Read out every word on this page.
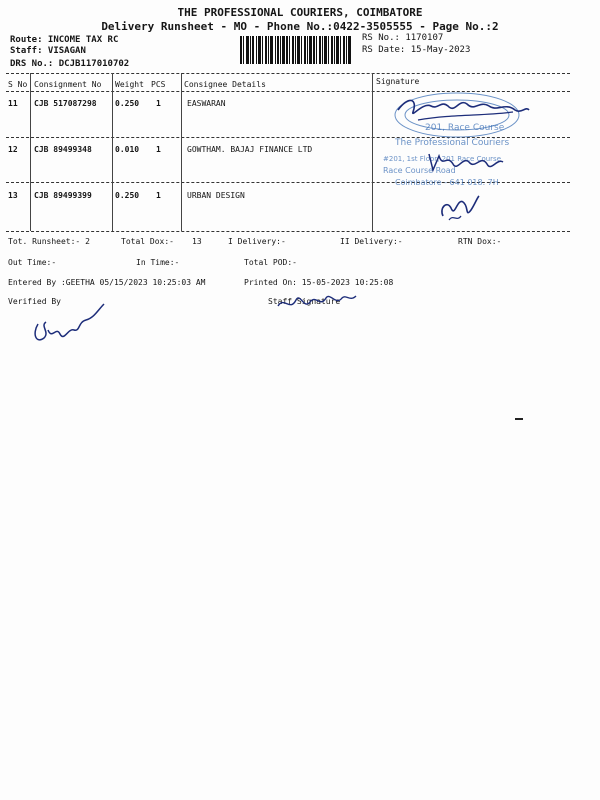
THE PROFESSIONAL COURIERS, COIMBATORE
Delivery Runsheet - MO - Phone No.:0422-3505555 - Page No.:2
Route: INCOME TAX RC
Staff: VISAGAN
DRS No.: DCJB117010702
RS No.: 1170107
RS Date: 15-May-2023
S No Consignment No Weight PCS Consignee Details	Signature
11 CJB 517087298 0.250 1	EASWARAN
12 CJB 89499348	0.010 1	GOWTHAM. BAJAJ FINANCE LTD
13 CJB 89499399	0.250 1	URBAN DESIGN
201, Race Course
The Professional Couriers
#201, 1st Floor, 201 Race Course
Race Course Road
Coimbatore - 641 018. 7H
Tot. Runsheet:- 2	Total Dox:- 13	I Delivery:-	II Delivery:-	RTN Dox:-
Out Time:-	In Time:-	Total POD:-
Entered By :GEETHA 05/15/2023 10:25:03 AM	Printed On: 15-05-2023 10:25:08
Verified By	Staff Signature
